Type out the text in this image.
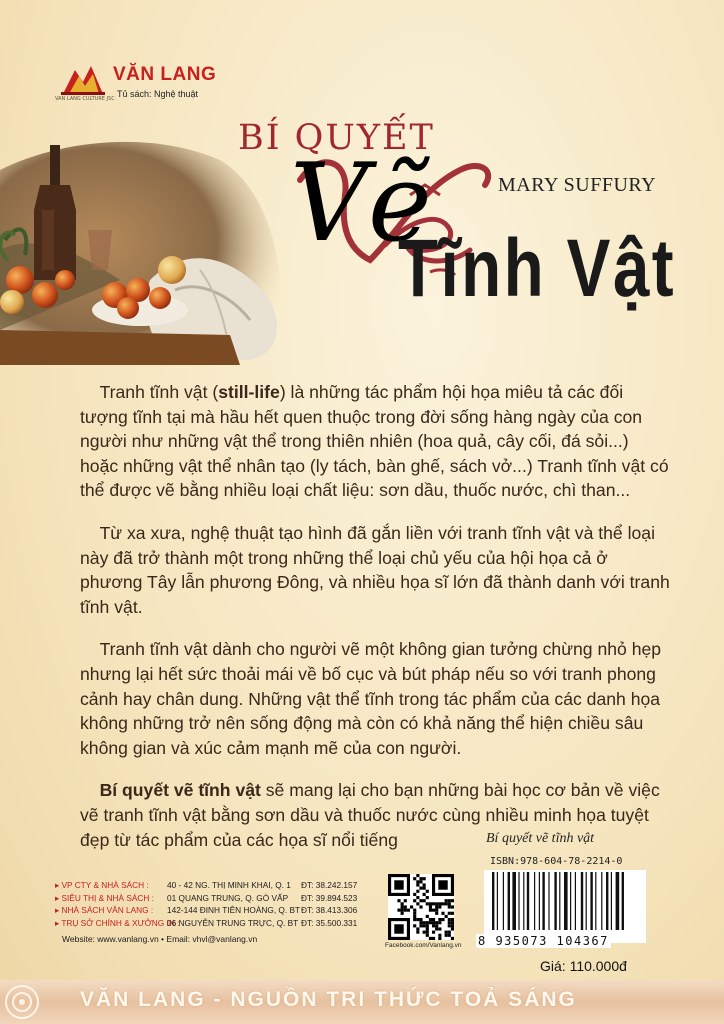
VAN LANG CULTURE JSC
VĂN LANG
Tủ sách: Nghệ thuật
BÍ QUYẾT
MARY SUFFURY
Tĩnh Vật

Tranh tĩnh vật (still-life) là những tác phẩm hội họa miêu tả các đối tượng tĩnh tại mà hầu hết quen thuộc trong đời sống hàng ngày của con người như những vật thể trong thiên nhiên (hoa quả, cây cối, đá sỏi...) hoặc những vật thể nhân tạo (ly tách, bàn ghế, sách vở...) Tranh tĩnh vật có thể được vẽ bằng nhiều loại chất liệu: sơn dầu, thuốc nước, chì than...

Từ xa xưa, nghệ thuật tạo hình đã gắn liền với tranh tĩnh vật và thể loại này đã trở thành một trong những thể loại chủ yếu của hội họa cả ở phương Tây lẫn phương Đông, và nhiều họa sĩ lớn đã thành danh với tranh tĩnh vật.

Tranh tĩnh vật dành cho người vẽ một không gian tưởng chừng nhỏ hẹp nhưng lại hết sức thoải mái về bố cục và bút pháp nếu so với tranh phong cảnh hay chân dung. Những vật thể tĩnh trong tác phẩm của các danh họa không những trở nên sống động mà còn có khả năng thể hiện chiều sâu không gian và xúc cảm mạnh mẽ của con người.

Bí quyết vẽ tĩnh vật sẽ mang lại cho bạn những bài học cơ bản về việc vẽ tranh tĩnh vật bằng sơn dầu và thuốc nước cùng nhiều minh họa tuyệt đẹp từ tác phẩm của các họa sĩ nổi tiếng	Bí quyết vẽ tĩnh vật
ISBN:978-604-78-2214-0
8 935073 104367
Giá: 110.000đ
Facebook.com/Vanlang.vn
▸ VP CTY & NHÀ SÁCH : 40 - 42 NG. THỊ MINH KHAI, Q. 1 ĐT: 38.242.157
▸ SIÊU THỊ & NHÀ SÁCH : 01 QUANG TRUNG, Q. GÒ VẤP ĐT: 39.894.523
▸ NHÀ SÁCH VĂN LANG : 142-144 ĐINH TIÊN HOÀNG, Q. BT ĐT: 38.413.306
▸ TRỤ SỞ CHÍNH & XƯỞNG IN :
06 NGUYỄN TRUNG TRỰC, Q. BT ĐT: 35.500.331
Website: www.vanlang.vn • Email: vhvl@vanlang.vn
VĂN LANG - NGUỒN TRI THỨC TOẢ SÁNG
